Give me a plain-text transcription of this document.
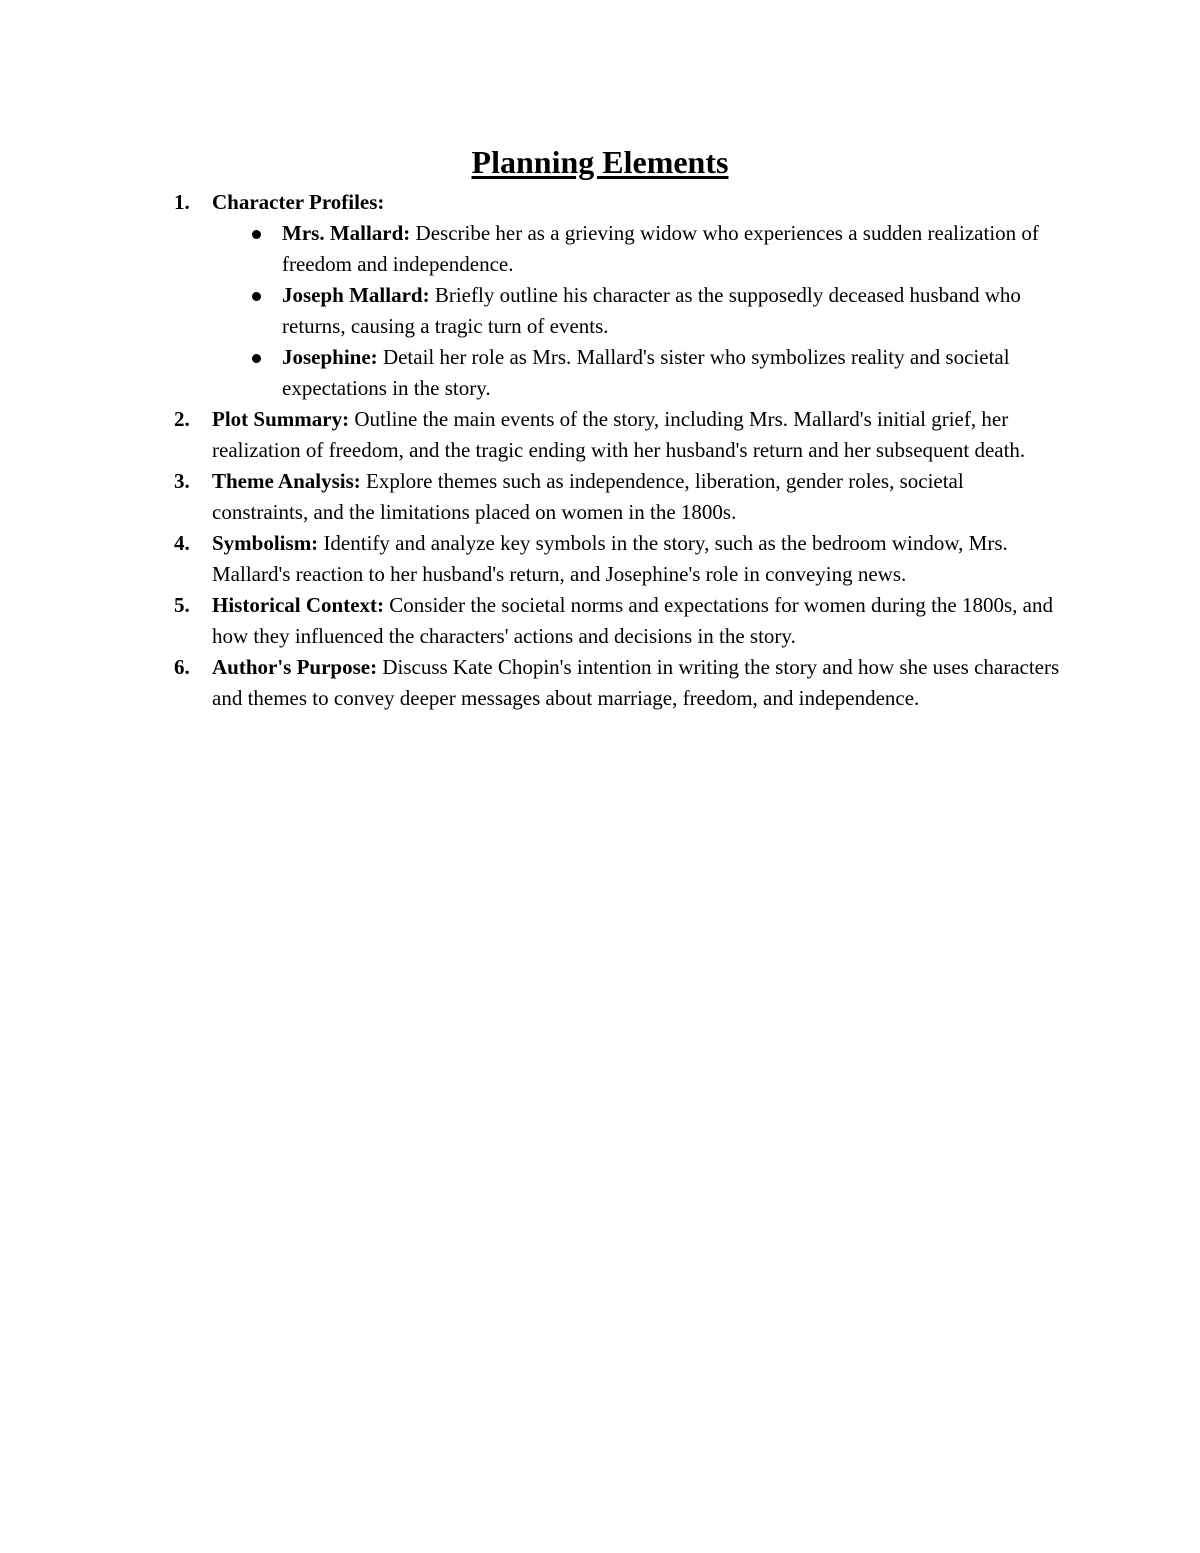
Planning Elements
1. Character Profiles:
Mrs. Mallard: Describe her as a grieving widow who experiences a sudden realization of freedom and independence.
Joseph Mallard: Briefly outline his character as the supposedly deceased husband who returns, causing a tragic turn of events.
Josephine: Detail her role as Mrs. Mallard's sister who symbolizes reality and societal expectations in the story.
2. Plot Summary: Outline the main events of the story, including Mrs. Mallard's initial grief, her realization of freedom, and the tragic ending with her husband's return and her subsequent death.
3. Theme Analysis: Explore themes such as independence, liberation, gender roles, societal constraints, and the limitations placed on women in the 1800s.
4. Symbolism: Identify and analyze key symbols in the story, such as the bedroom window, Mrs. Mallard's reaction to her husband's return, and Josephine's role in conveying news.
5. Historical Context: Consider the societal norms and expectations for women during the 1800s, and how they influenced the characters' actions and decisions in the story.
6. Author's Purpose: Discuss Kate Chopin's intention in writing the story and how she uses characters and themes to convey deeper messages about marriage, freedom, and independence.
